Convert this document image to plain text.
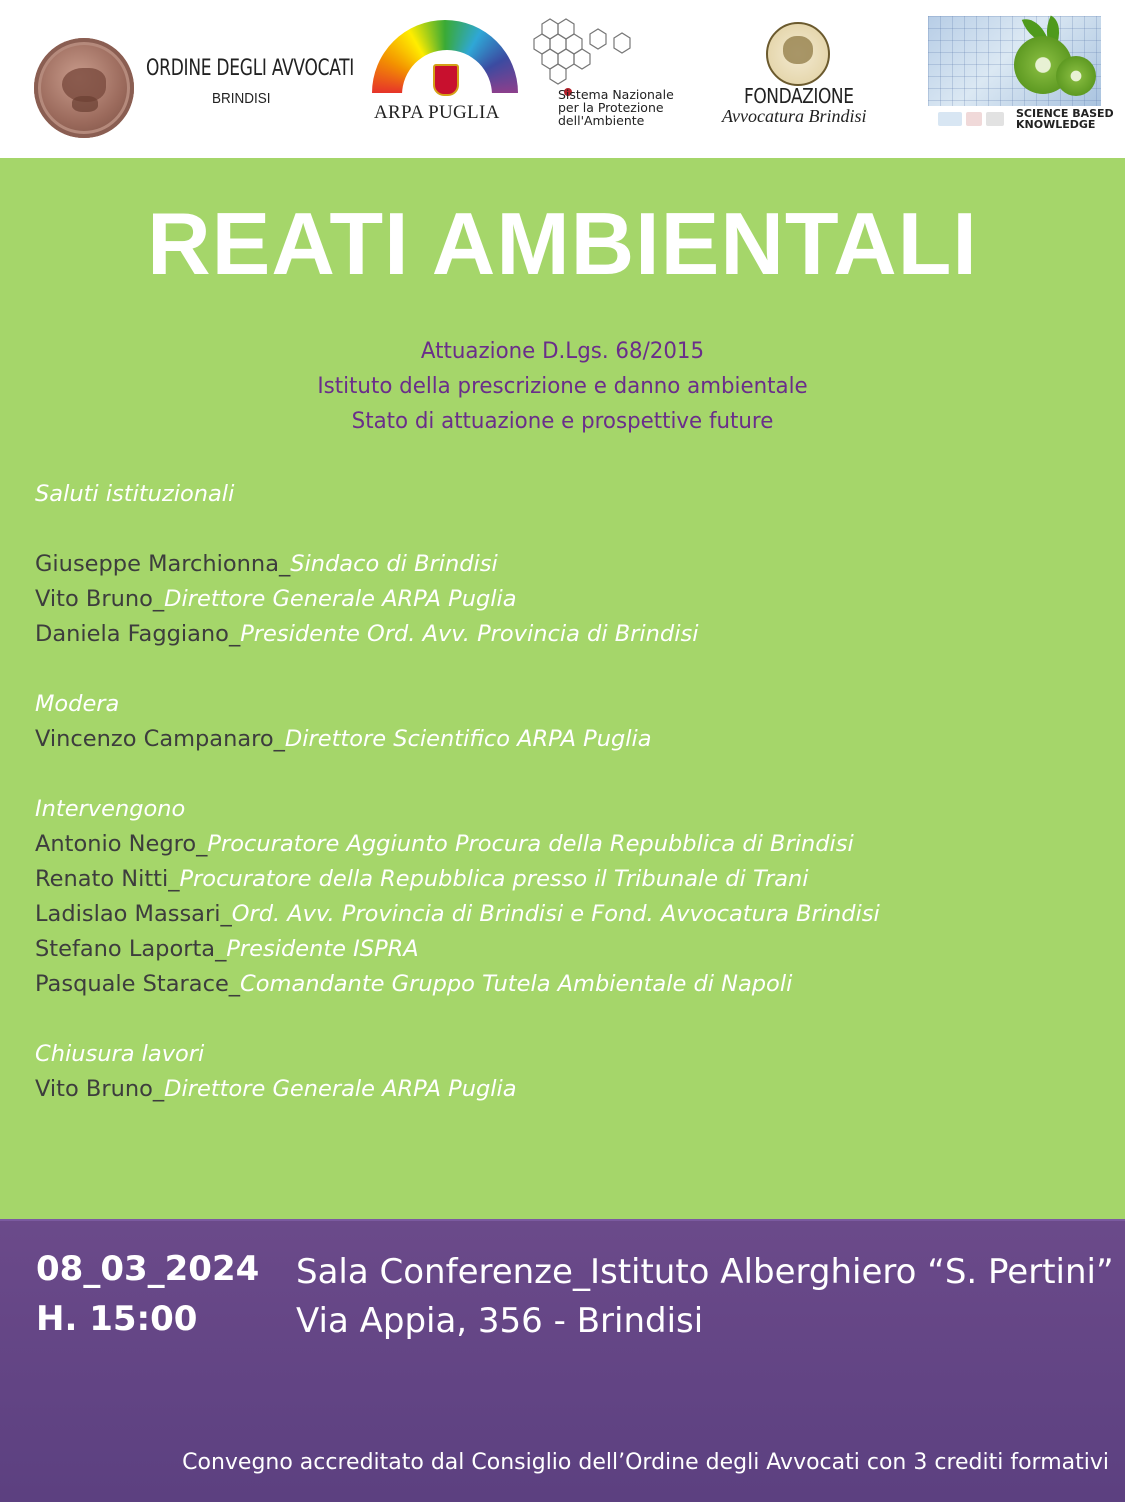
ORDINE DEGLI AVVOCATI
BRINDISI
ARPA PUGLIA
Sistema Nazionale
per la Protezione
dell'Ambiente
FONDAZIONE
Avvocatura Brindisi	SCIENCE BASED
KNOWLEDGE
REATI AMBIENTALI
Attuazione D.Lgs. 68/2015
Istituto della prescrizione e danno ambientale
Stato di attuazione e prospettive future
Saluti istituzionali
Giuseppe Marchionna_Sindaco di Brindisi
Vito Bruno_Direttore Generale ARPA Puglia
Daniela Faggiano_Presidente Ord. Avv. Provincia di Brindisi
Modera
Vincenzo Campanaro_Direttore Scientifico ARPA Puglia
Intervengono
Antonio Negro_Procuratore Aggiunto Procura della Repubblica di Brindisi
Renato Nitti_Procuratore della Repubblica presso il Tribunale di Trani
Ladislao Massari_Ord. Avv. Provincia di Brindisi e Fond. Avvocatura Brindisi
Stefano Laporta_Presidente ISPRA
Pasquale Starace_Comandante Gruppo Tutela Ambientale di Napoli
Chiusura lavori
Vito Bruno_Direttore Generale ARPA Puglia
08_03_2024
H. 15:00
Sala Conferenze_Istituto Alberghiero “S. Pertini”
Via Appia, 356 - Brindisi
Convegno accreditato dal Consiglio dell’Ordine degli Avvocati con 3 crediti formativi
